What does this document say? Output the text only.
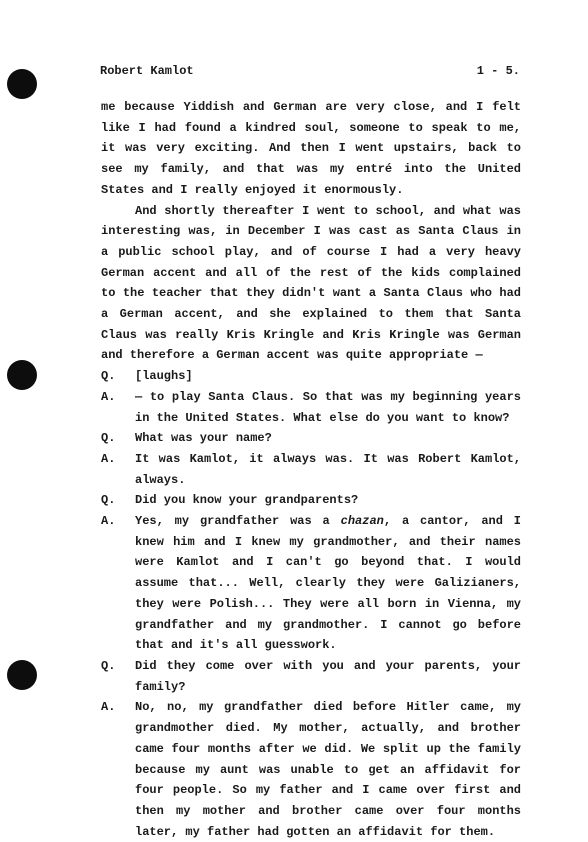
Robert Kamlot	1 - 5.

me because Yiddish and German are very close, and I felt like I had found a kindred soul, someone to speak to me, it was very exciting. And then I went upstairs, back to see my family, and that was my entré into the United States and I really enjoyed it enormously.

And shortly thereafter I went to school, and what was interesting was, in December I was cast as Santa Claus in a public school play, and of course I had a very heavy German accent and all of the rest of the kids complained to the teacher that they didn't want a Santa Claus who had a German accent, and she explained to them that Santa Claus was really Kris Kringle and Kris Kringle was German and therefore a German accent was quite appropriate —

Q.	[laughs]
A.	— to play Santa Claus. So that was my beginning years in the United States. What else do you want to know?
Q.	What was your name?
A.	It was Kamlot, it always was. It was Robert Kamlot, always.
Q.	Did you know your grandparents?
A.	Yes, my grandfather was a chazan, a cantor, and I knew him and I knew my grandmother, and their names were Kamlot and I can't go beyond that. I would assume that... Well, clearly they were Galizianers, they were Polish... They were all born in Vienna, my grandfather and my grandmother. I cannot go before that and it's all guesswork.
Q.	Did they come over with you and your parents, your family?
A.	No, no, my grandfather died before Hitler came, my grandmother died. My mother, actually, and brother came four months after we did. We split up the family because my aunt was unable to get an affidavit for four people. So my father and I came over first and then my mother and brother came over four months later, my father had gotten an affidavit for them.
